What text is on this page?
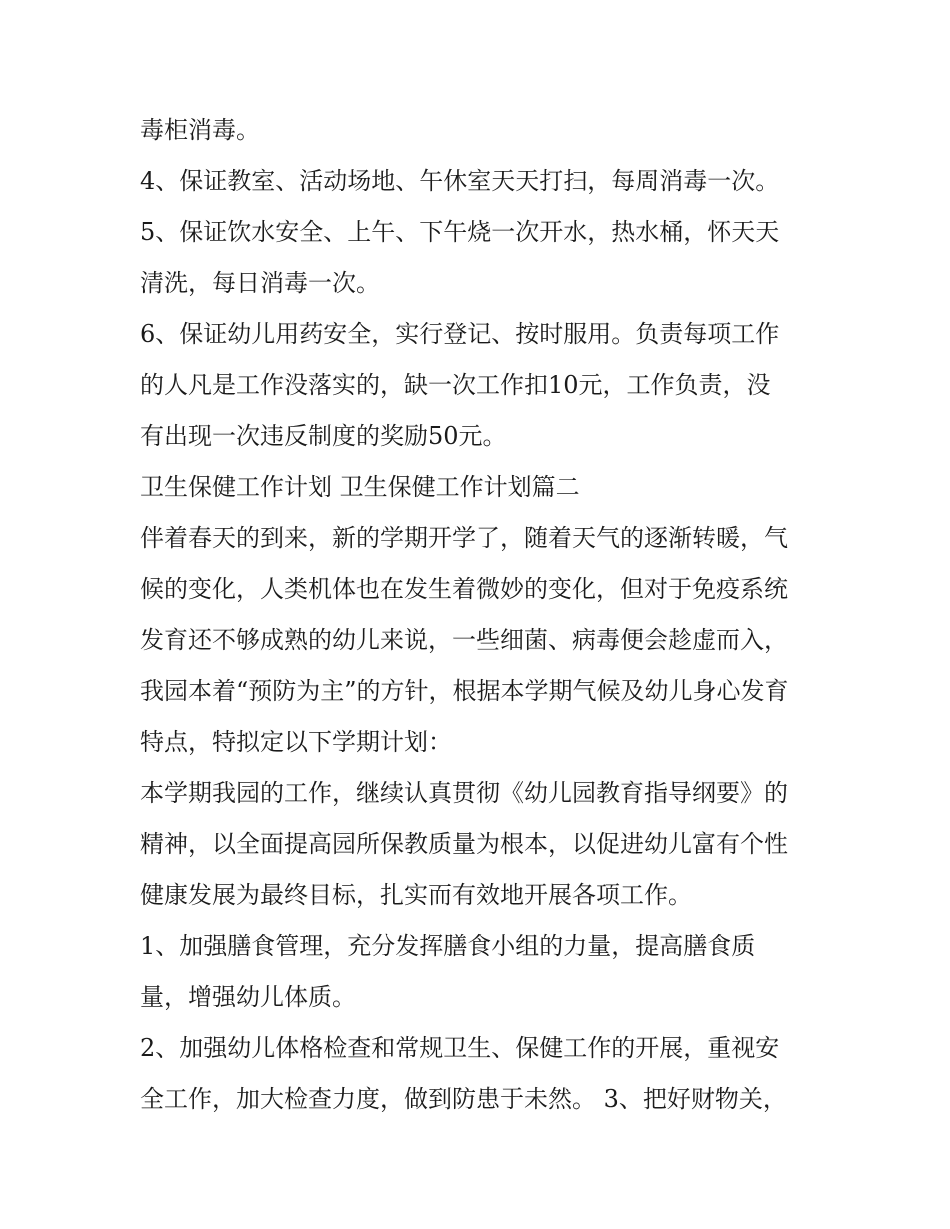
毒柜消毒。
4、保证教室、活动场地、午休室天天打扫，每周消毒一次。
5、保证饮水安全、上午、下午烧一次开水，热水桶，怀天天
清洗，每日消毒一次。
6、保证幼儿用药安全，实行登记、按时服用。负责每项工作
的人凡是工作没落实的，缺一次工作扣10元，工作负责，没
有出现一次违反制度的奖励50元。
卫生保健工作计划 卫生保健工作计划篇二
伴着春天的到来，新的学期开学了，随着天气的逐渐转暖，气
候的变化，人类机体也在发生着微妙的变化，但对于免疫系统
发育还不够成熟的幼儿来说，一些细菌、病毒便会趁虚而入，
我园本着“预防为主”的方针，根据本学期气候及幼儿身心发育
特点，特拟定以下学期计划：
本学期我园的工作，继续认真贯彻《幼儿园教育指导纲要》的
精神，以全面提高园所保教质量为根本，以促进幼儿富有个性
健康发展为最终目标，扎实而有效地开展各项工作。
1、加强膳食管理，充分发挥膳食小组的力量，提高膳食质
量，增强幼儿体质。
2、加强幼儿体格检查和常规卫生、保健工作的开展，重视安
全工作，加大检查力度，做到防患于未然。 3、把好财物关，
